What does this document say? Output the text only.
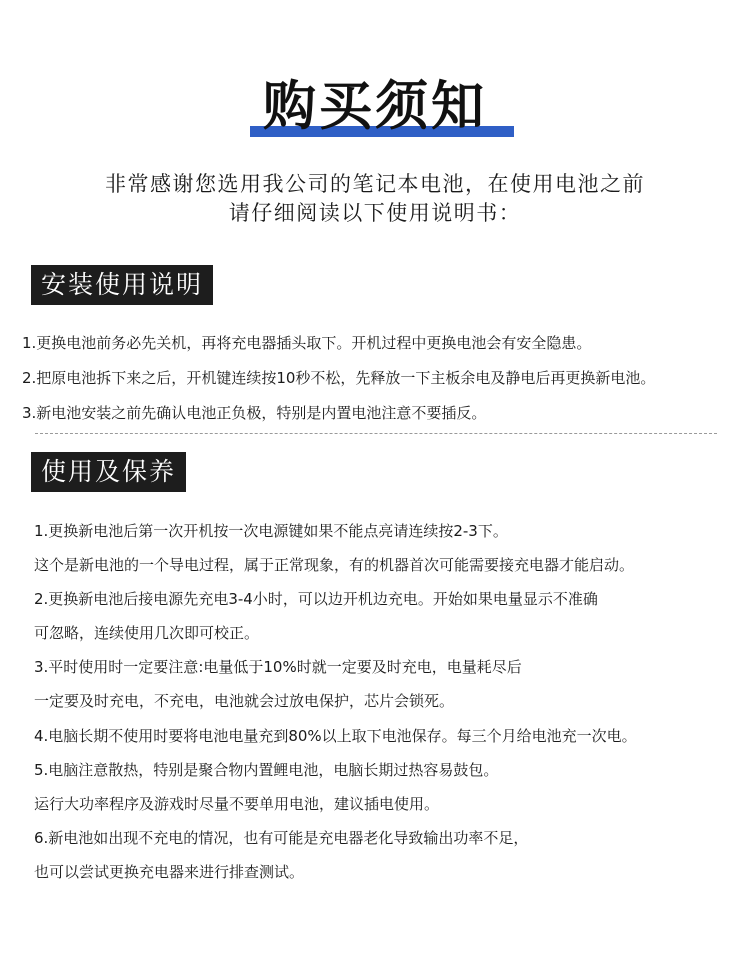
购买须知
非常感谢您选用我公司的笔记本电池，在使用电池之前
请仔细阅读以下使用说明书：
安装使用说明
1.更换电池前务必先关机，再将充电器插头取下。开机过程中更换电池会有安全隐患。
2.把原电池拆下来之后，开机键连续按10秒不松，先释放一下主板余电及静电后再更换新电池。
3.新电池安装之前先确认电池正负极，特别是内置电池注意不要插反。
使用及保养
1.更换新电池后第一次开机按一次电源键如果不能点亮请连续按2-3下。
这个是新电池的一个导电过程，属于正常现象，有的机器首次可能需要接充电器才能启动。
2.更换新电池后接电源先充电3-4小时，可以边开机边充电。开始如果电量显示不准确
可忽略，连续使用几次即可校正。
3.平时使用时一定要注意:电量低于10%时就一定要及时充电，电量耗尽后
一定要及时充电，不充电，电池就会过放电保护，芯片会锁死。
4.电脑长期不使用时要将电池电量充到80%以上取下电池保存。每三个月给电池充一次电。
5.电脑注意散热，特别是聚合物内置鲤电池，电脑长期过热容易鼓包。
运行大功率程序及游戏时尽量不要单用电池，建议插电使用。
6.新电池如出现不充电的情况，也有可能是充电器老化导致输出功率不足，
也可以尝试更换充电器来进行排查测试。
